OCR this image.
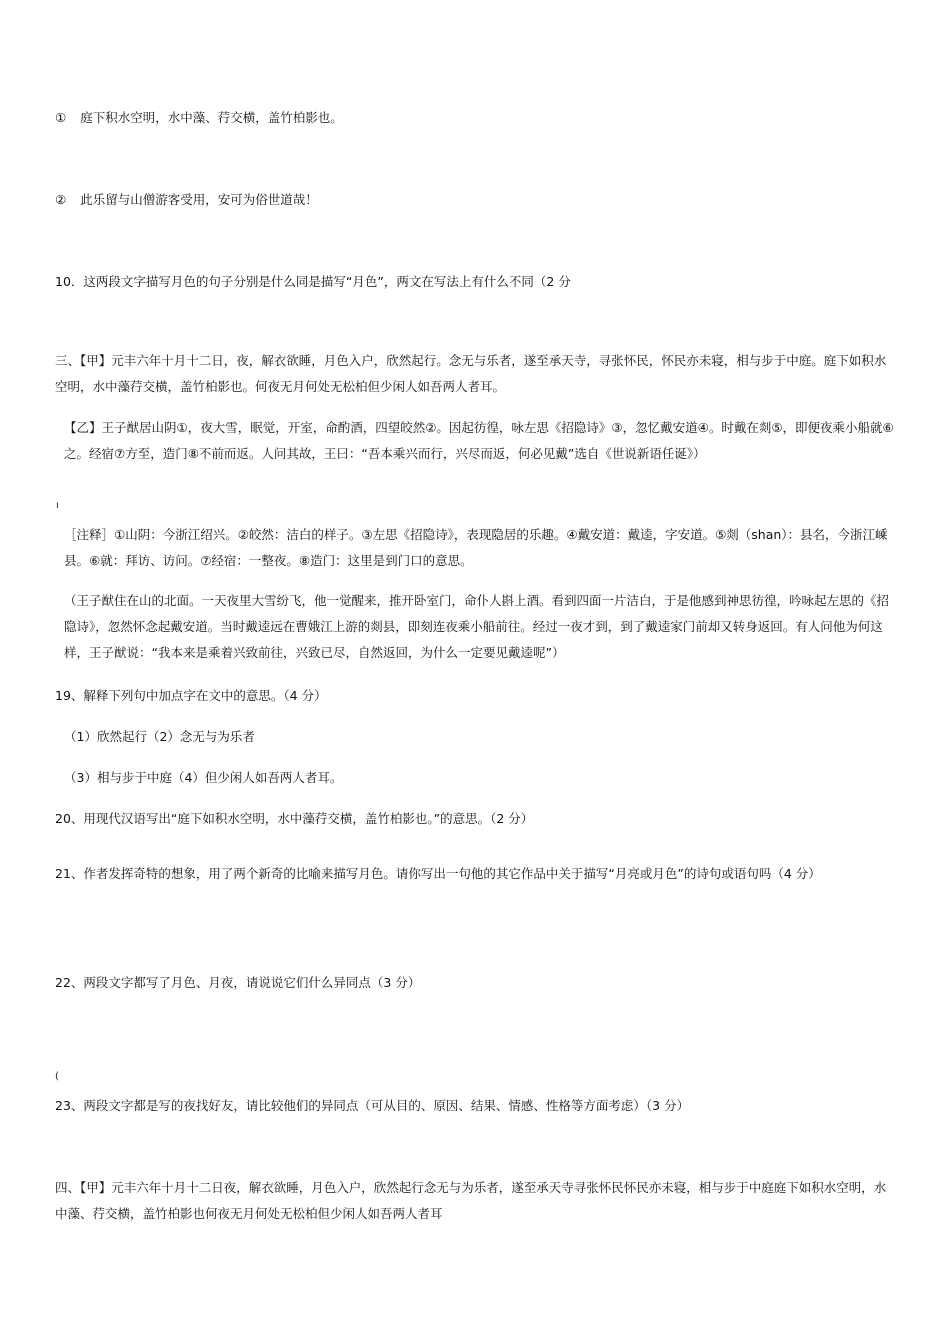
① 庭下积水空明，水中藻、荇交横，盖竹柏影也。
② 此乐留与山僧游客受用，安可为俗世道哉！
10．这两段文字描写月色的句子分别是什么同是描写“月色”，两文在写法上有什么不同（2 分
三、【甲】元丰六年十月十二日，夜，解衣欲睡，月色入户，欣然起行。念无与乐者，遂至承天寺，寻张怀民，怀民亦未寝，相与步于中庭。庭下如积水空明，水中藻荇交横，盖竹柏影也。何夜无月何处无松柏但少闲人如吾两人者耳。
【乙】王子猷居山阴①，夜大雪，眠觉，开室，命酌酒，四望皎然②。因起彷徨，咏左思《招隐诗》③，忽忆戴安道④。时戴在剡⑤，即便夜乘小船就⑥之。经宿⑦方至，造门⑧不前而返。人问其故，王曰：“吾本乘兴而行，兴尽而返，何必见戴”选自《世说新语任诞》）
ı
［注释］①山阴：今浙江绍兴。②皎然：洁白的样子。③左思《招隐诗》，表现隐居的乐趣。④戴安道：戴逵，字安道。⑤剡（shan）：县名，今浙江嵊县。⑥就：拜访、访问。⑦经宿：一整夜。⑧造门：这里是到门口的意思。
（王子猷住在山的北面。一天夜里大雪纷飞，他一觉醒来，推开卧室门，命仆人斟上酒。看到四面一片洁白，于是他感到神思彷徨，吟咏起左思的《招隐诗》，忽然怀念起戴安道。当时戴逵远在曹娥江上游的剡县，即刻连夜乘小船前往。经过一夜才到，到了戴逵家门前却又转身返回。有人问他为何这样，王子猷说：“我本来是乘着兴致前往，兴致已尽，自然返回，为什么一定要见戴逵呢”）
19、解释下列句中加点字在文中的意思。（4 分）
（1）欣然起行（2）念无与为乐者
（3）相与步于中庭（4）但少闲人如吾两人者耳。
20、用现代汉语写出“庭下如积水空明，水中藻荇交横，盖竹柏影也。”的意思。（2 分）
21、作者发挥奇特的想象，用了两个新奇的比喻来描写月色。请你写出一句他的其它作品中关于描写“月亮或月色”的诗句或语句吗（4 分）
22、两段文字都写了月色、月夜，请说说它们什么异同点（3 分）
(
23、两段文字都是写的夜找好友，请比较他们的异同点（可从目的、原因、结果、情感、性格等方面考虑）（3 分）
四、【甲】元丰六年十月十二日夜，解衣欲睡，月色入户，欣然起行念无与为乐者，遂至承天寺寻张怀民怀民亦未寝，相与步于中庭庭下如积水空明，水中藻、荇交横，盖竹柏影也何夜无月何处无松柏但少闲人如吾两人者耳
